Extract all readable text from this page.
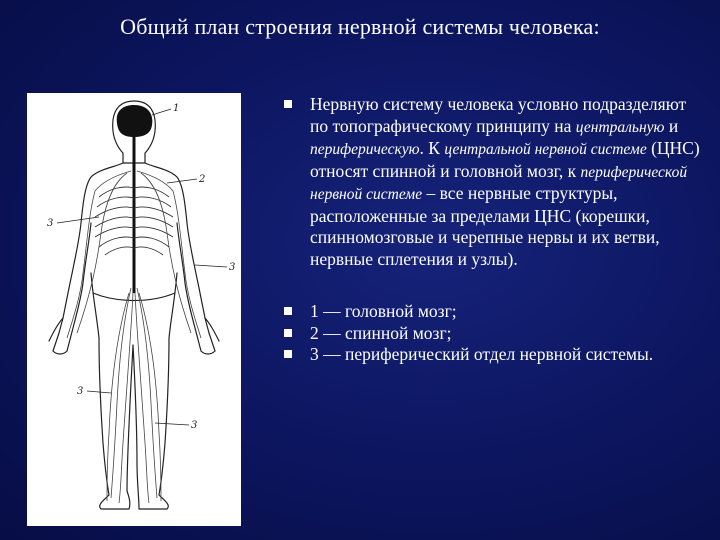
Общий план строения нервной системы человека:
1
2
3
3
3
3
Нервную систему человека условно подразделяют по топографическому принципу на центральную и периферическую. К центральной нервной системе (ЦНС) относят спинной и головной мозг, к периферической нервной системе – все нервные структуры, расположенные за пределами ЦНС (корешки, спинномозговые и черепные нервы и их ветви, нервные сплетения и узлы).
1 — головной мозг;
2 — спинной мозг;
3 — периферический отдел нервной системы.
